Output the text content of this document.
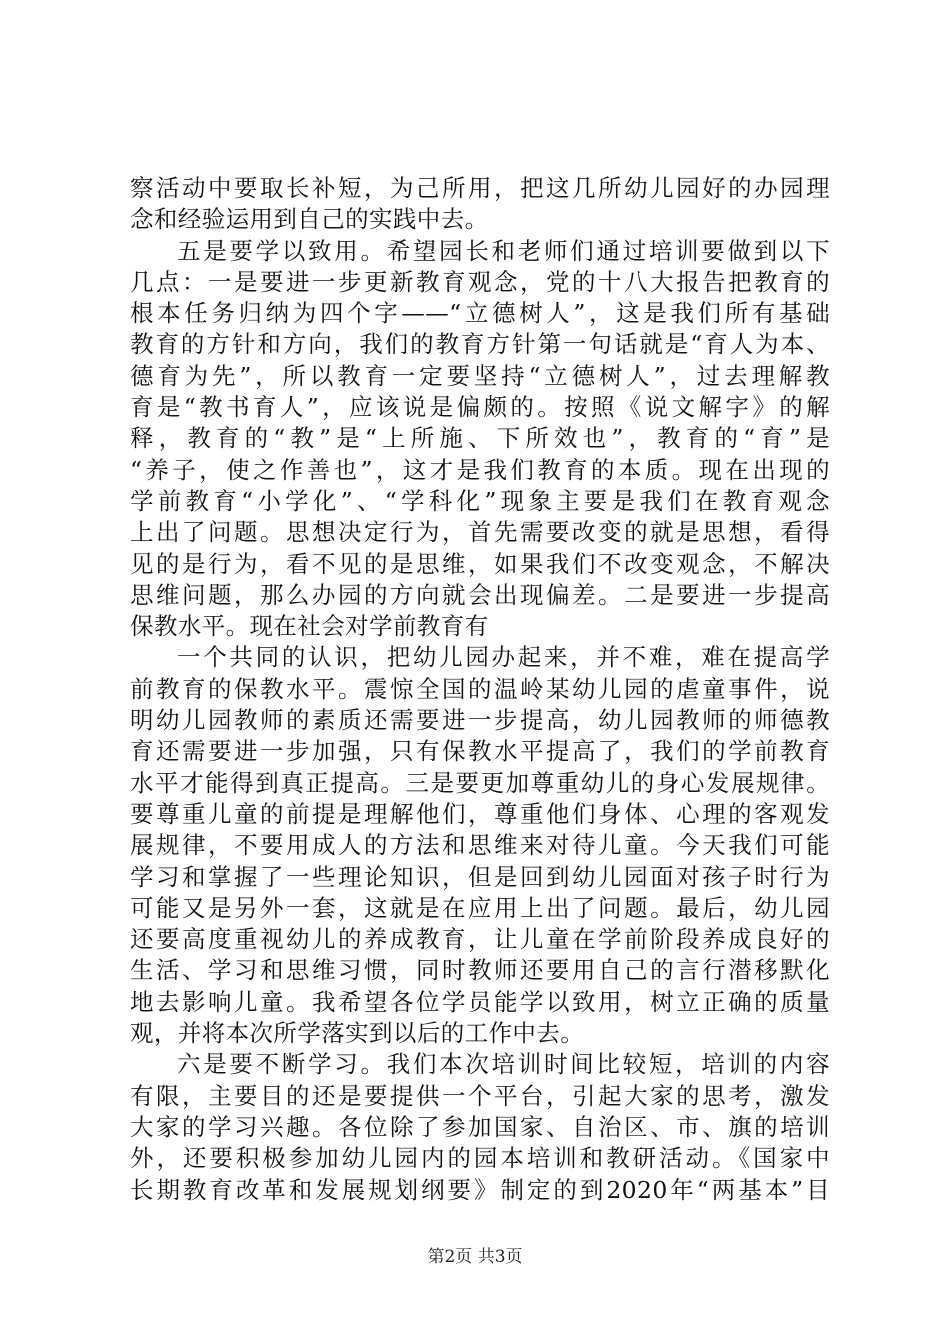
察活动中要取长补短，为己所用，把这几所幼儿园好的办园理
念和经验运用到自己的实践中去。

五是要学以致用。希望园长和老师们通过培训要做到以下
几点：一是要进一步更新教育观念，党的十八大报告把教育的
根本任务归纳为四个字——“立德树人”，这是我们所有基础
教育的方针和方向，我们的教育方针第一句话就是“育人为本、
德育为先”，所以教育一定要坚持“立德树人”，过去理解教
育是“教书育人”，应该说是偏颇的。按照《说文解字》的解
释，教育的“教”是“上所施、下所效也”，教育的“育”是
“养子，使之作善也”，这才是我们教育的本质。现在出现的
学前教育“小学化”、“学科化”现象主要是我们在教育观念
上出了问题。思想决定行为，首先需要改变的就是思想，看得
见的是行为，看不见的是思维，如果我们不改变观念，不解决
思维问题，那么办园的方向就会出现偏差。二是要进一步提高
保教水平。现在社会对学前教育有

一个共同的认识，把幼儿园办起来，并不难，难在提高学
前教育的保教水平。震惊全国的温岭某幼儿园的虐童事件，说
明幼儿园教师的素质还需要进一步提高，幼儿园教师的师德教
育还需要进一步加强，只有保教水平提高了，我们的学前教育
水平才能得到真正提高。三是要更加尊重幼儿的身心发展规律。
要尊重儿童的前提是理解他们，尊重他们身体、心理的客观发
展规律，不要用成人的方法和思维来对待儿童。今天我们可能
学习和掌握了一些理论知识，但是回到幼儿园面对孩子时行为
可能又是另外一套，这就是在应用上出了问题。最后，幼儿园
还要高度重视幼儿的养成教育，让儿童在学前阶段养成良好的
生活、学习和思维习惯，同时教师还要用自己的言行潜移默化
地去影响儿童。我希望各位学员能学以致用，树立正确的质量
观，并将本次所学落实到以后的工作中去。

六是要不断学习。我们本次培训时间比较短，培训的内容
有限，主要目的还是要提供一个平台，引起大家的思考，激发
大家的学习兴趣。各位除了参加国家、自治区、市、旗的培训
外，还要积极参加幼儿园内的园本培训和教研活动。《国家中
长期教育改革和发展规划纲要》制定的到2020年“两基本”目

第2页 共3页
